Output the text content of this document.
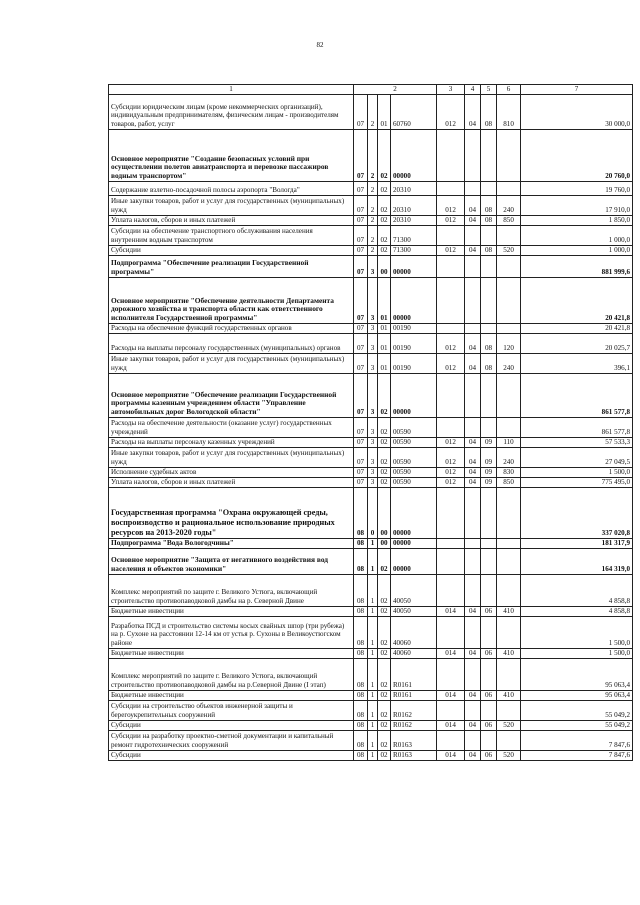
82
1	2				3	4	5	6	7
Субсидии юридическим лицам (кроме некоммерческих организаций), индивидуальным предпринимателям, физическим лицам - производителям товаров, работ, услуг	07	2	01	60760	012	04	08	810	30 000,0
Основное мероприятие "Создание безопасных условий при осуществлении полетов авиатранспорта и перевозке пассажиров водным транспортом"	07	2	02	00000					20 760,0
Содержание взлетно-посадочной полосы аэропорта "Вологда"	07	2	02	20310					19 760,0
Иные закупки товаров, работ и услуг для государственных (муниципальных) нужд	07	2	02	20310	012	04	08	240	17 910,0
Уплата налогов, сборов и иных платежей	07	2	02	20310	012	04	08	850	1 850,0
Субсидии на обеспечение транспортного обслуживания населения внутренним водным транспортом	07	2	02	71300					1 000,0
Субсидии	07	2	02	71300	012	04	08	520	1 000,0
Подпрограмма "Обеспечение реализации Государственной программы"	07	3	00	00000					881 999,6
Основное мероприятие "Обеспечение деятельности Департамента дорожного хозяйства и транспорта области как ответственного исполнителя Государственной программы"	07	3	01	00000					20 421,8
Расходы на обеспечение функций государственных органов	07	3	01	00190					20 421,8
Расходы на выплаты персоналу государственных (муниципальных) органов	07	3	01	00190	012	04	08	120	20 025,7
Иные закупки товаров, работ и услуг для государственных (муниципальных) нужд	07	3	01	00190	012	04	08	240	396,1
Основное мероприятие "Обеспечение реализации Государственной программы казенным учреждением области "Управление автомобильных дорог Вологодской области"	07	3	02	00000					861 577,8
Расходы на обеспечение деятельности (оказание услуг) государственных учреждений	07	3	02	00590					861 577,8
Расходы на выплаты персоналу казенных учреждений	07	3	02	00590	012	04	09	110	57 533,3
Иные закупки товаров, работ и услуг для государственных (муниципальных) нужд	07	3	02	00590	012	04	09	240	27 049,5
Исполнение судебных актов	07	3	02	00590	012	04	09	830	1 500,0
Уплата налогов, сборов и иных платежей	07	3	02	00590	012	04	09	850	775 495,0
Государственная программа "Охрана окружающей среды, воспроизводство и рациональное использование природных ресурсов на 2013-2020 годы"	08	0	00	00000					337 020,8
Подпрограмма "Вода Вологодчины"	08	1	00	00000					181 317,9
Основное мероприятие "Защита от негативного воздействия вод населения и объектов экономики"	08	1	02	00000					164 319,0
Комплекс мероприятий по защите г. Великого Устюга, включающий строительство противопаводковой дамбы на р. Северной Двине	08	1	02	40050					4 858,8
Бюджетные инвестиции	08	1	02	40050	014	04	06	410	4 858,8
Разработка ПСД и строительство системы косых свайных шпор (три рубежа) на р. Сухоне на расстоянии 12-14 км от устья р. Сухоны в Великоустюгском районе	08	1	02	40060					1 500,0
Бюджетные инвестиции	08	1	02	40060	014	04	06	410	1 500,0
Комплекс мероприятий по защите г. Великого Устюга, включающий строительство противопаводковой дамбы на р.Северной Двине (I этап)	08	1	02	R0161					95 063,4
Бюджетные инвестиции	08	1	02	R0161	014	04	06	410	95 063,4
Субсидии на строительство объектов инженерной защиты и берегоукрепительных сооружений	08	1	02	R0162					55 049,2
Субсидии	08	1	02	R0162	014	04	06	520	55 049,2
Субсидии на разработку проектно-сметной документации и капитальный ремонт гидротехнических сооружений	08	1	02	R0163					7 847,6
Субсидии	08	1	02	R0163	014	04	06	520	7 847,6
